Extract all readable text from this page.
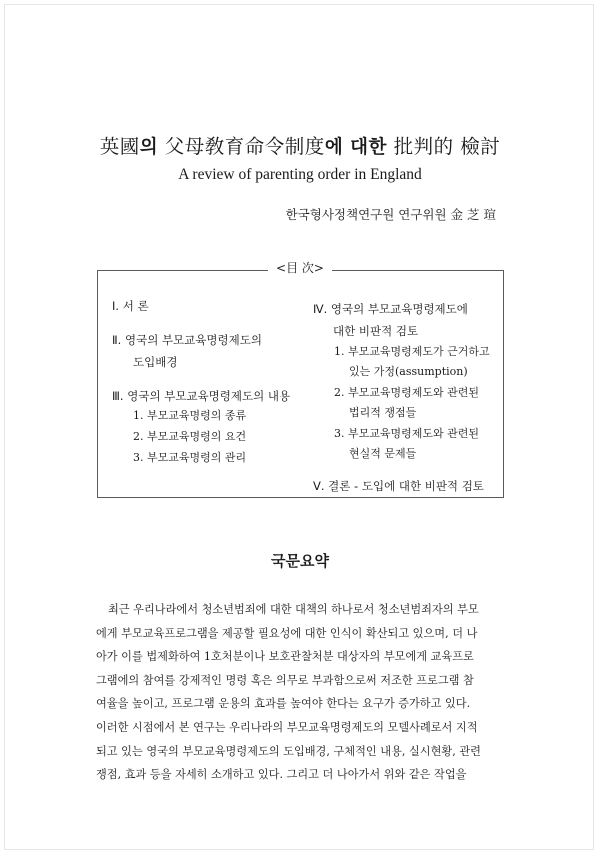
英國의 父母敎育命令制度에 대한 批判的 檢討
A review of parenting order in England
한국형사정책연구원 연구위원 金 芝 瑄
<目 次>
Ⅰ. 서 론
Ⅱ. 영국의 부모교육명령제도의
도입배경
Ⅲ. 영국의 부모교육명령제도의 내용
1. 부모교육명령의 종류
2. 부모교육명령의 요건
3. 부모교육명령의 관리
Ⅳ. 영국의 부모교육명령제도에
대한 비판적 검토
1. 부모교육명령제도가 근거하고
있는 가정(assumption)
2. 부모교육명령제도와 관련된
법리적 쟁점들
3. 부모교육명령제도와 관련된
현실적 문제들
Ⅴ. 결론 - 도입에 대한 비판적 검토
국문요약
최근 우리나라에서 청소년범죄에 대한 대책의 하나로서 청소년범죄자의 부모
에게 부모교육프로그램을 제공할 필요성에 대한 인식이 확산되고 있으며, 더 나
아가 이를 법제화하여 1호처분이나 보호관찰처분 대상자의 부모에게 교육프로
그램에의 참여를 강제적인 명령 혹은 의무로 부과함으로써 저조한 프로그램 참
여율을 높이고, 프로그램 운용의 효과를 높여야 한다는 요구가 증가하고 있다.
이러한 시점에서 본 연구는 우리나라의 부모교육명령제도의 모델사례로서 지적
되고 있는 영국의 부모교육명령제도의 도입배경, 구체적인 내용, 실시현황, 관련
쟁점, 효과 등을 자세히 소개하고 있다. 그리고 더 나아가서 위와 같은 작업을
